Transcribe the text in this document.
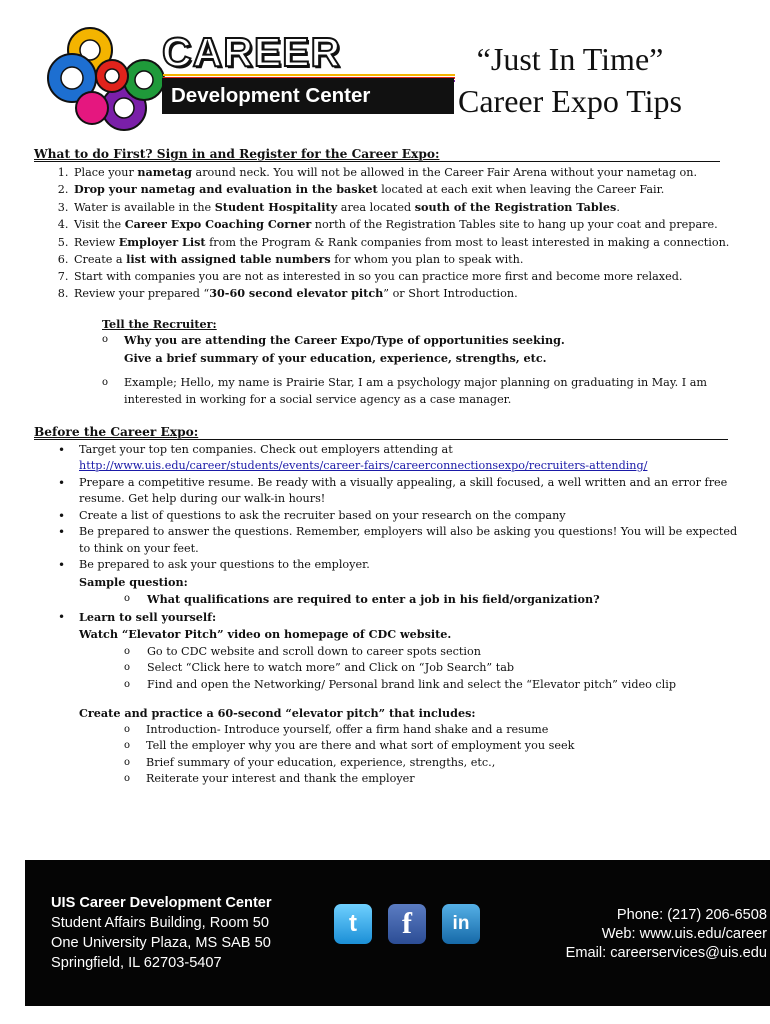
CAREER
Development Center
“Just In Time”
Career Expo Tips
What to do First? Sign in and Register for the Career Expo:
1. Place your nametag around neck. You will not be allowed in the Career Fair Arena without your nametag on.
2. Drop your nametag and evaluation in the basket located at each exit when leaving the Career Fair.
3. Water is available in the Student Hospitality area located south of the Registration Tables.
4. Visit the Career Expo Coaching Corner north of the Registration Tables site to hang up your coat and prepare.
5. Review Employer List from the Program & Rank companies from most to least interested in making a connection.
6. Create a list with assigned table numbers for whom you plan to speak with.
7. Start with companies you are not as interested in so you can practice more first and become more relaxed.
8. Review your prepared “30-60 second elevator pitch” or Short Introduction.
Tell the Recruiter:
o Why you are attending the Career Expo/Type of opportunities seeking.
Give a brief summary of your education, experience, strengths, etc.
o Example; Hello, my name is Prairie Star, I am a psychology major planning on graduating in May. I am interested in working for a social service agency as a case manager.
Before the Career Expo:
• Target your top ten companies. Check out employers attending at
http://www.uis.edu/career/students/events/career-fairs/careerconnectionsexpo/recruiters-attending/
• Prepare a competitive resume. Be ready with a visually appealing, a skill focused, a well written and an error free resume. Get help during our walk-in hours!
• Create a list of questions to ask the recruiter based on your research on the company
• Be prepared to answer the questions. Remember, employers will also be asking you questions! You will be expected to think on your feet.
• Be prepared to ask your questions to the employer.
Sample question:
o What qualifications are required to enter a job in his field/organization?
• Learn to sell yourself:
Watch “Elevator Pitch” video on homepage of CDC website.
o Go to CDC website and scroll down to career spots section
o Select “Click here to watch more” and Click on “Job Search” tab
o Find and open the Networking/ Personal brand link and select the “Elevator pitch” video clip
Create and practice a 60-second “elevator pitch” that includes:
o Introduction- Introduce yourself, offer a firm hand shake and a resume
o Tell the employer why you are there and what sort of employment you seek
o Brief summary of your education, experience, strengths, etc.,
o Reiterate your interest and thank the employer
UIS Career Development Center
Student Affairs Building, Room 50
One University Plaza, MS SAB 50
Springfield, IL 62703-5407
t	f	in	Phone: (217) 206-6508
Web: www.uis.edu/career
Email: careerservices@uis.edu
